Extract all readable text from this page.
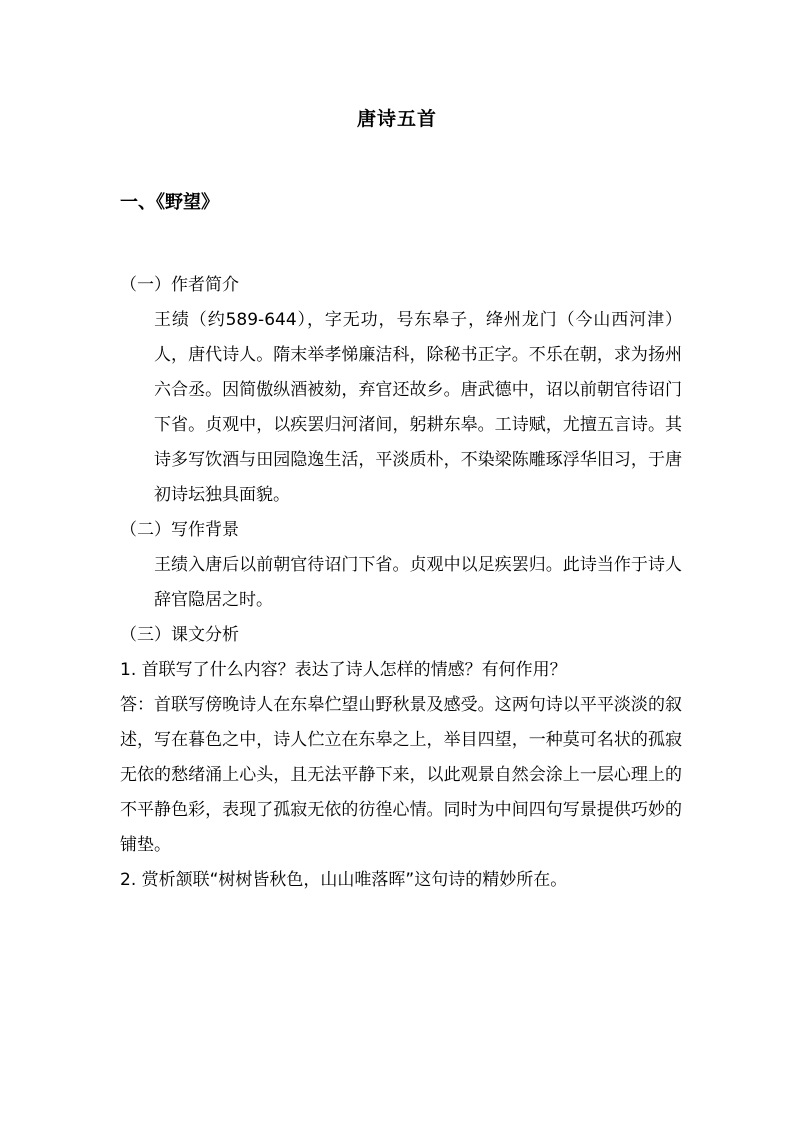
唐诗五首
一、《野望》
（一）作者简介

王绩（约589-644），字无功，号东皋子，绛州龙门（今山西河津）人，唐代诗人。隋末举孝悌廉洁科，除秘书正字。不乐在朝，求为扬州六合丞。因简傲纵酒被劾，弃官还故乡。唐武德中，诏以前朝官待诏门下省。贞观中，以疾罢归河渚间，躬耕东皋。工诗赋，尤擅五言诗。其诗多写饮酒与田园隐逸生活，平淡质朴，不染梁陈雕琢浮华旧习，于唐初诗坛独具面貌。

（二）写作背景

王绩入唐后以前朝官待诏门下省。贞观中以足疾罢归。此诗当作于诗人辞官隐居之时。

（三）课文分析
1. 首联写了什么内容？表达了诗人怎样的情感？有何作用？

答：首联写傍晚诗人在东皋伫望山野秋景及感受。这两句诗以平平淡淡的叙述，写在暮色之中，诗人伫立在东皋之上，举目四望，一种莫可名状的孤寂无依的愁绪涌上心头，且无法平静下来，以此观景自然会涂上一层心理上的不平静色彩，表现了孤寂无依的彷徨心情。同时为中间四句写景提供巧妙的铺垫。

2. 赏析颔联“树树皆秋色，山山唯落晖”这句诗的精妙所在。
